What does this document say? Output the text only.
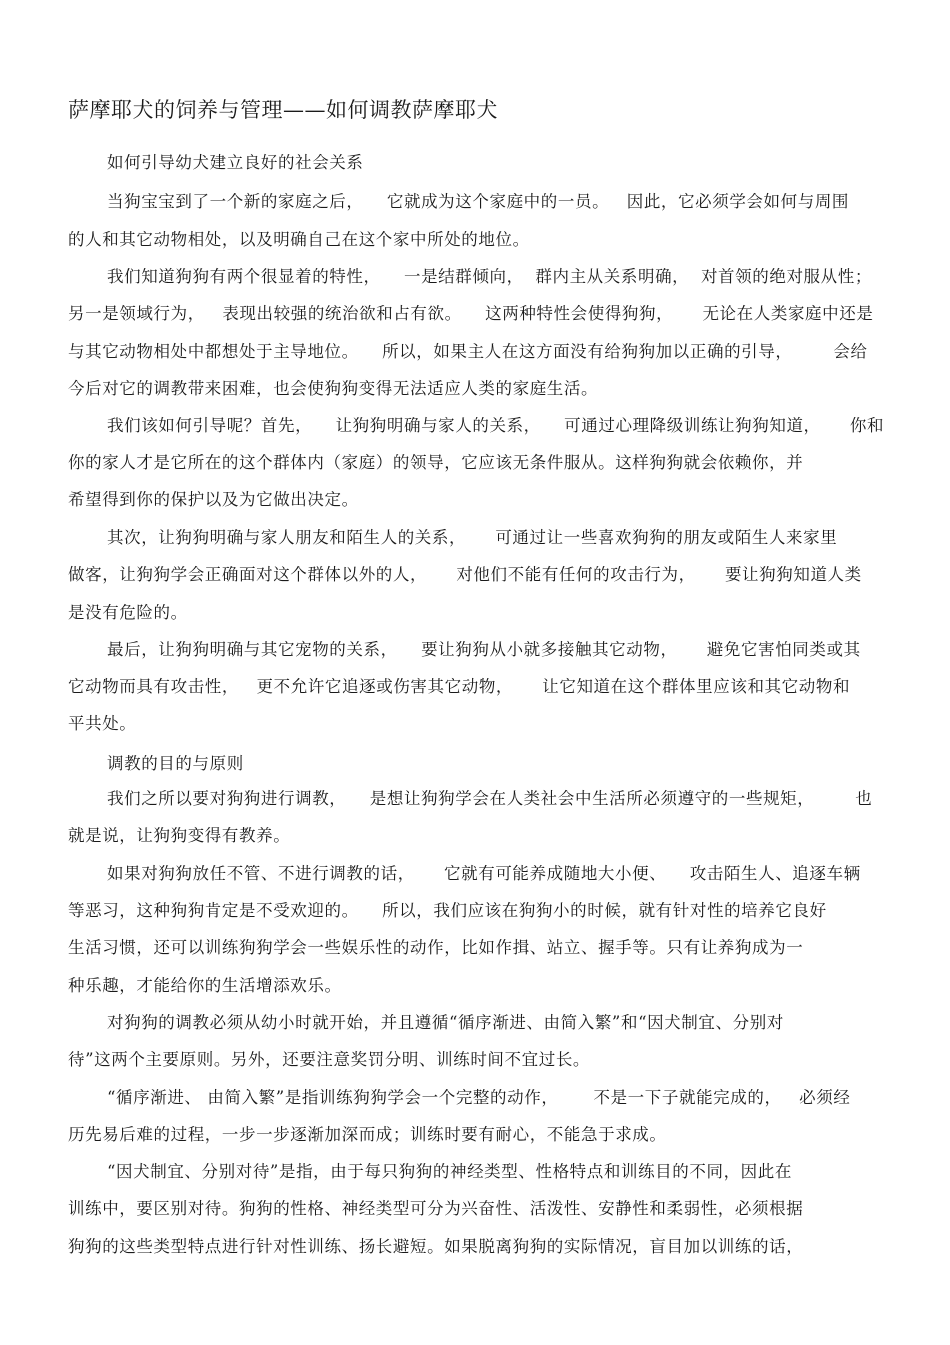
萨摩耶犬的饲养与管理——如何调教萨摩耶犬
如何引导幼犬建立良好的社会关系
当狗宝宝到了一个新的家庭之后，    它就成为这个家庭中的一员。   因此，它必须学会如何与周围
的人和其它动物相处，以及明确自己在这个家中所处的地位。
我们知道狗狗有两个很显着的特性，    一是结群倾向，  群内主从关系明确，  对首领的绝对服从性；
另一是领域行为，   表现出较强的统治欲和占有欲。    这两种特性会使得狗狗，     无论在人类家庭中还是
与其它动物相处中都想处于主导地位。    所以，如果主人在这方面没有给狗狗加以正确的引导，       会给
今后对它的调教带来困难，也会使狗狗变得无法适应人类的家庭生活。
我们该如何引导呢？首先，    让狗狗明确与家人的关系，    可通过心理降级训练让狗狗知道，     你和
你的家人才是它所在的这个群体内（家庭）的领导，它应该无条件服从。这样狗狗就会依赖你，并
希望得到你的保护以及为它做出决定。
其次，让狗狗明确与家人朋友和陌生人的关系，     可通过让一些喜欢狗狗的朋友或陌生人来家里
做客，让狗狗学会正确面对这个群体以外的人，     对他们不能有任何的攻击行为，     要让狗狗知道人类
是没有危险的。
最后，让狗狗明确与其它宠物的关系，    要让狗狗从小就多接触其它动物，     避免它害怕同类或其
它动物而具有攻击性，   更不允许它追逐或伤害其它动物，     让它知道在这个群体里应该和其它动物和
平共处。
调教的目的与原则
我们之所以要对狗狗进行调教，    是想让狗狗学会在人类社会中生活所必须遵守的一些规矩，       也
就是说，让狗狗变得有教养。
如果对狗狗放任不管、不进行调教的话，     它就有可能养成随地大小便、    攻击陌生人、追逐车辆
等恶习，这种狗狗肯定是不受欢迎的。    所以，我们应该在狗狗小的时候，就有针对性的培养它良好
生活习惯，还可以训练狗狗学会一些娱乐性的动作，比如作揖、站立、握手等。只有让养狗成为一
种乐趣，才能给你的生活增添欢乐。
对狗狗的调教必须从幼小时就开始，并且遵循“循序渐进、由简入繁”和“因犬制宜、分别对
待”这两个主要原则。另外，还要注意奖罚分明、训练时间不宜过长。
“循序渐进、 由简入繁”是指训练狗狗学会一个完整的动作，      不是一下子就能完成的，   必须经
历先易后难的过程，一步一步逐渐加深而成；训练时要有耐心，不能急于求成。
“因犬制宜、分别对待”是指，由于每只狗狗的神经类型、性格特点和训练目的不同，因此在
训练中，要区别对待。狗狗的性格、神经类型可分为兴奋性、活泼性、安静性和柔弱性，必须根据
狗狗的这些类型特点进行针对性训练、扬长避短。如果脱离狗狗的实际情况，盲目加以训练的话，
